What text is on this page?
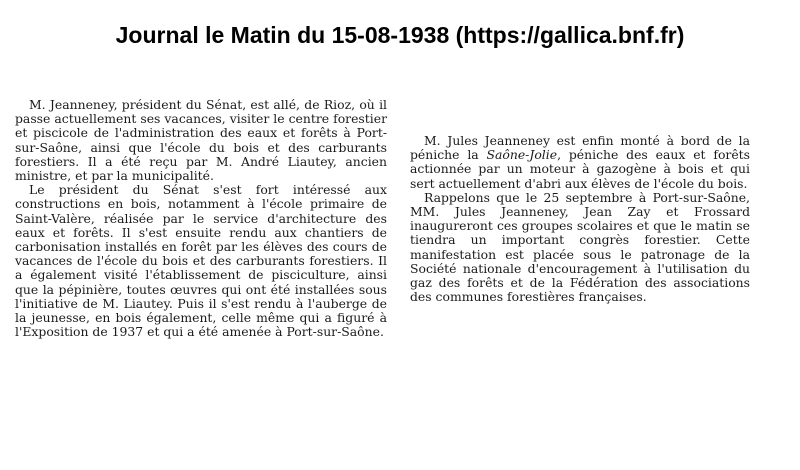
Journal le Matin du 15-08-1938 (https://gallica.bnf.fr)

M. Jeanneney, président du Sénat, est allé, de Rioz, où il passe actuellement ses vacances, visiter le centre forestier et piscicole de l'administration des eaux et forêts à Port-sur-Saône, ainsi que l'école du bois et des carburants forestiers. Il a été reçu par M. André Liautey, ancien ministre, et par la municipalité.

Le président du Sénat s'est fort intéressé aux constructions en bois, notamment à l'école primaire de Saint-Valère, réalisée par le service d'architecture des eaux et forêts. Il s'est ensuite rendu aux chantiers de carbonisation installés en forêt par les élèves des cours de vacances de l'école du bois et des carburants forestiers. Il a également visité l'établissement de pisciculture, ainsi que la pépinière, toutes œuvres qui ont été installées sous l'initiative de M. Liautey. Puis il s'est rendu à l'auberge de la jeunesse, en bois également, celle même qui a figuré à l'Exposition de 1937 et qui a été amenée à Port-sur-Saône.

M. Jules Jeanneney est enfin monté à bord de la péniche la Saône-Jolie, péniche des eaux et forêts actionnée par un moteur à gazogène à bois et qui sert actuellement d'abri aux élèves de l'école du bois.

Rappelons que le 25 septembre à Port-sur-Saône, MM. Jules Jeanneney, Jean Zay et Frossard inaugureront ces groupes scolaires et que le matin se tiendra un important congrès forestier. Cette manifestation est placée sous le patronage de la Société nationale d'encouragement à l'utilisation du gaz des forêts et de la Fédération des associations des communes forestières françaises.
